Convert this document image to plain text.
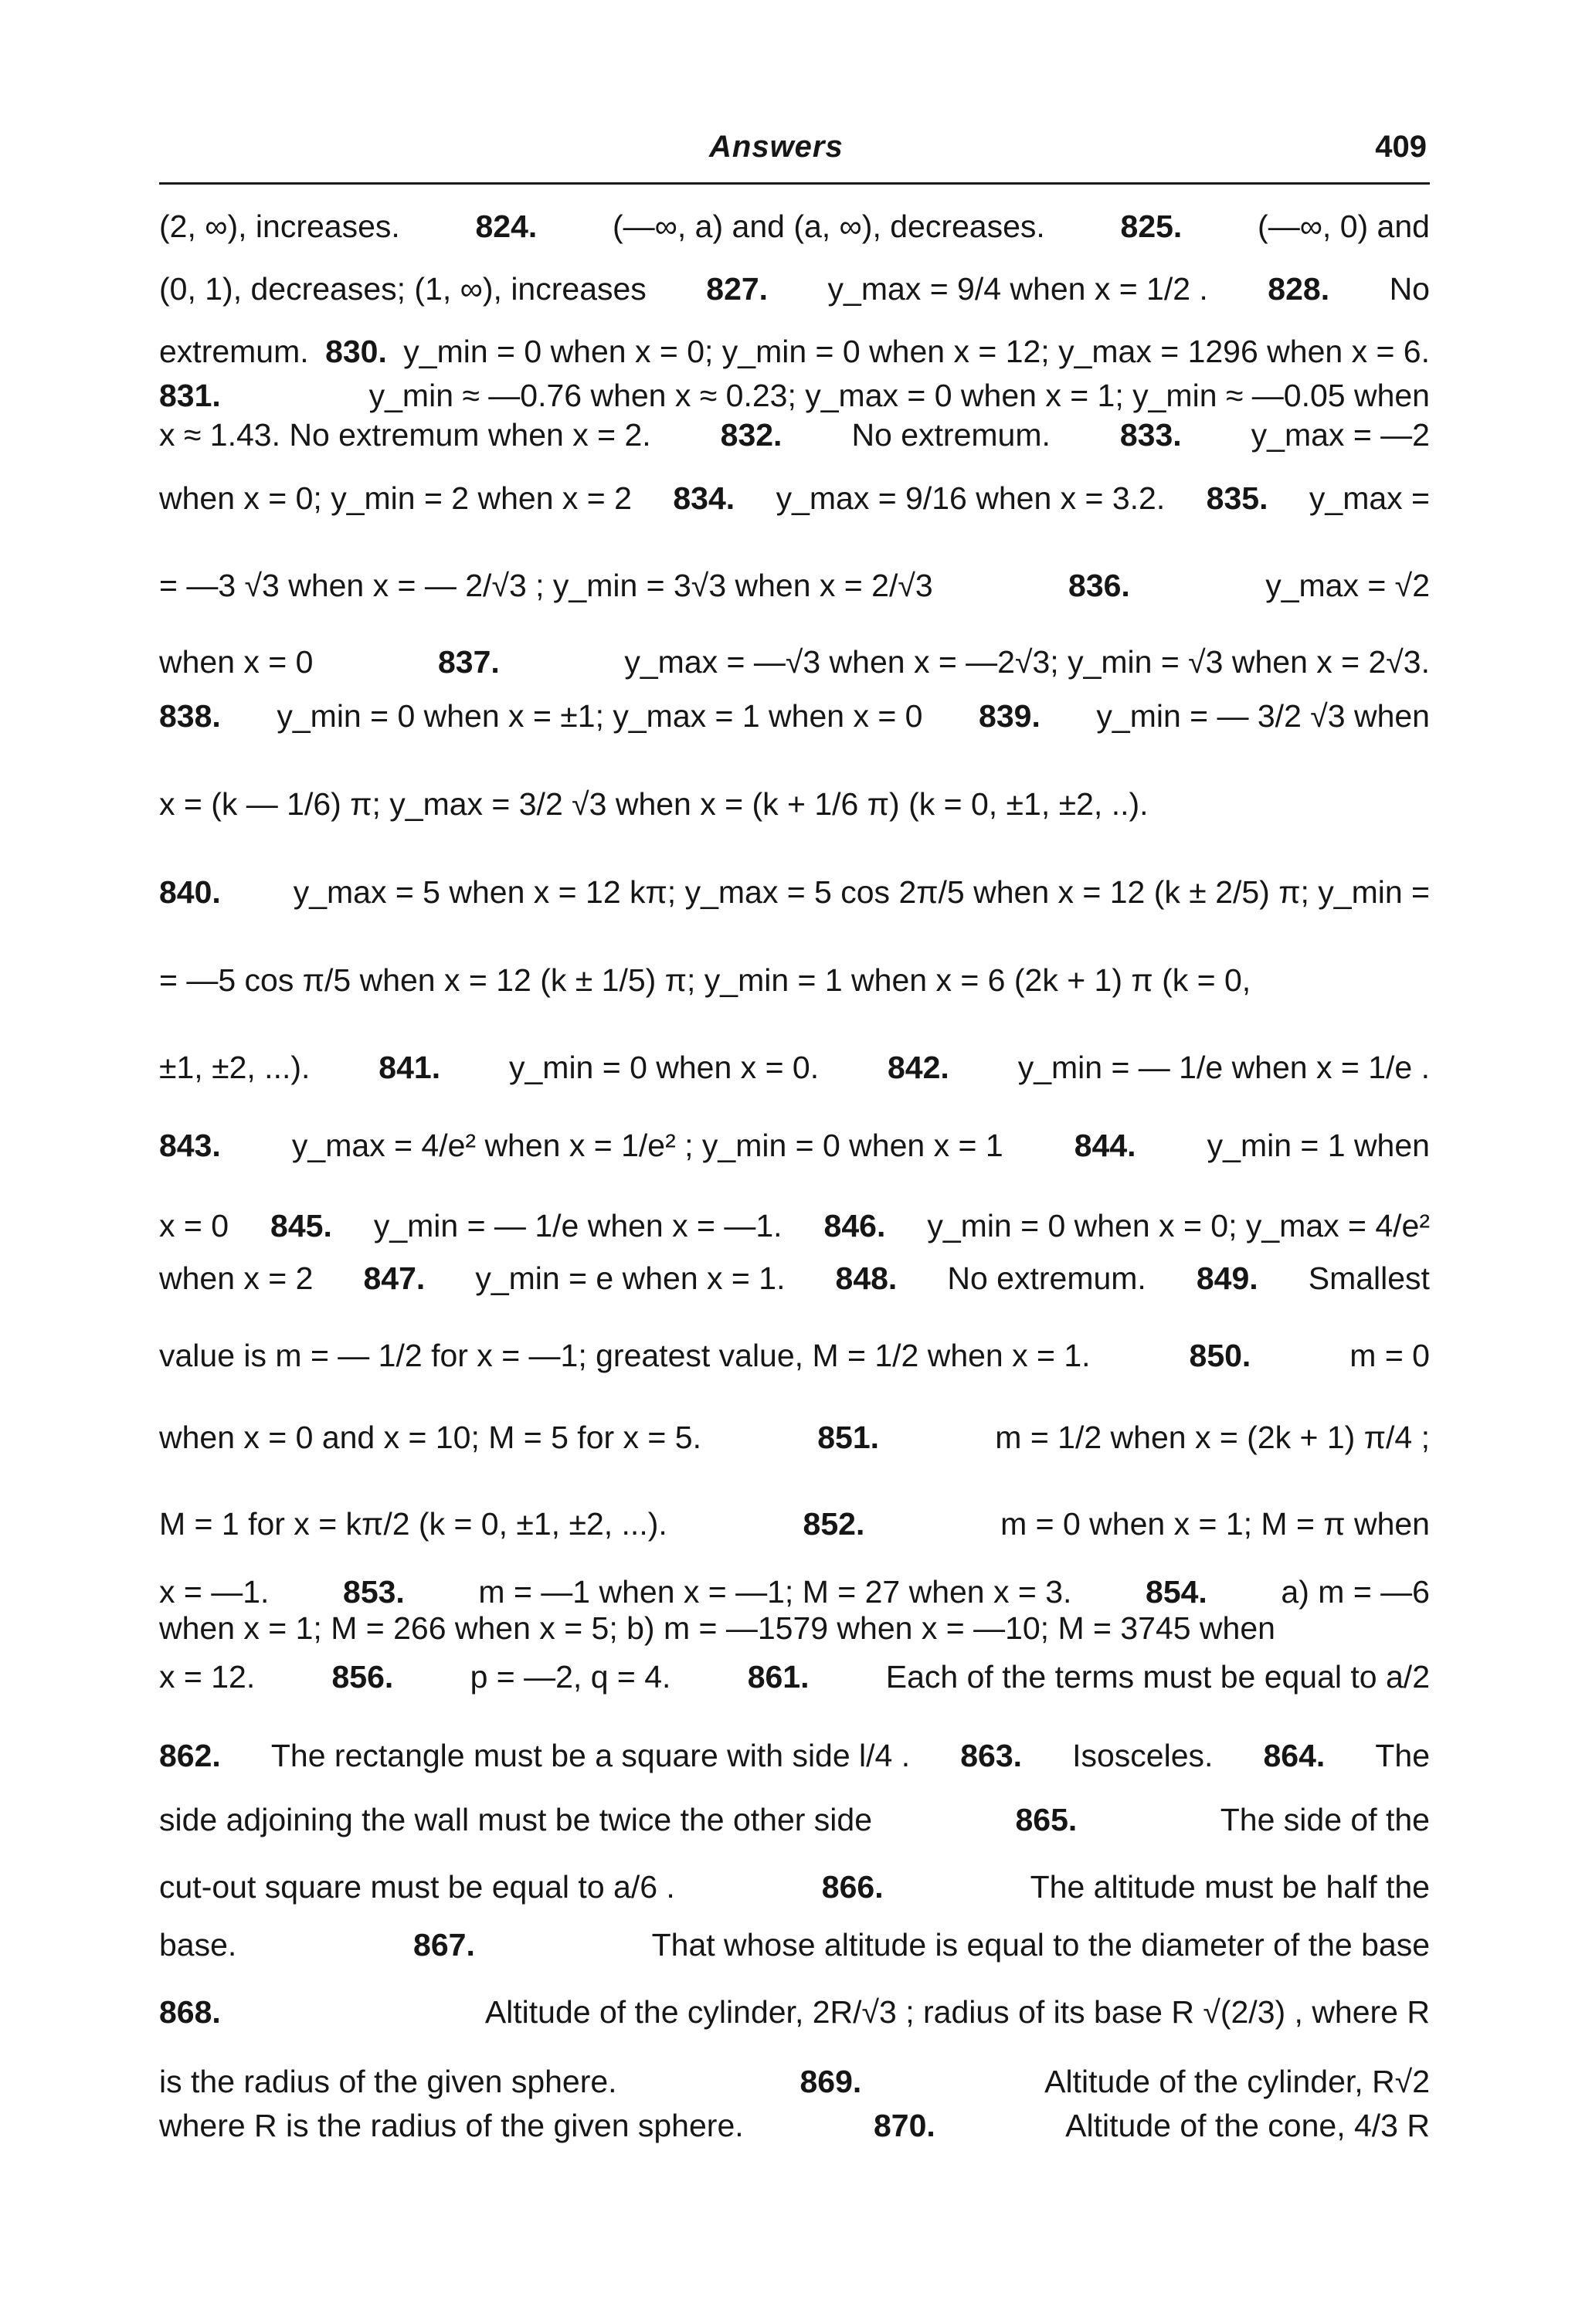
Answers	409
(2, ∞), increases. 824. (—∞, a) and (a, ∞), decreases. 825. (—∞, 0) and
(0, 1), decreases; (1, ∞), increases 827. y_max = 9/4 when x = 1/2 . 828. No
extremum. 830. y_min = 0 when x = 0; y_min = 0 when x = 12; y_max = 1296 when x = 6.
831.	y_min ≈ —0.76 when x ≈ 0.23; y_max = 0 when x = 1; y_min ≈ —0.05 when
x ≈ 1.43. No extremum when x = 2. 832. No extremum. 833. y_max = —2
when x = 0; y_min = 2 when x = 2 834. y_max = 9/16 when x = 3.2. 835. y_max =
= —3 √3 when x = — 2/√3 ; y_min = 3√3 when x = 2/√3	836.	y_max = √2
when x = 0	837.	y_max = —√3 when x = —2√3; y_min = √3 when x = 2√3.
838. y_min = 0 when x = ±1; y_max = 1 when x = 0 839. y_min = — 3/2 √3 when
x = (k — 1/6) π; y_max = 3/2 √3 when x = (k + 1/6 π) (k = 0, ±1, ±2, ..).
840. y_max = 5 when x = 12 kπ; y_max = 5 cos 2π/5 when x = 12 (k ± 2/5) π; y_min =
= —5 cos π/5 when x = 12 (k ± 1/5) π; y_min = 1 when x = 6 (2k + 1) π (k = 0,
±1, ±2, ...). 841. y_min = 0 when x = 0. 842. y_min = — 1/e when x = 1/e .
843. y_max = 4/e² when x = 1/e² ; y_min = 0 when x = 1 844. y_min = 1 when
x = 0 845. y_min = — 1/e when x = —1. 846. y_min = 0 when x = 0; y_max = 4/e²
when x = 2 847. y_min = e when x = 1. 848. No extremum. 849. Smallest
value is m = — 1/2 for x = —1; greatest value, M = 1/2 when x = 1.	850.	m = 0
when x = 0 and x = 10; M = 5 for x = 5.	851.	m = 1/2 when x = (2k + 1) π/4 ;
M = 1 for x = kπ/2 (k = 0, ±1, ±2, ...).	852.	m = 0 when x = 1; M = π when
x = —1. 853. m = —1 when x = —1; M = 27 when x = 3. 854. a) m = —6
when x = 1; M = 266 when x = 5; b) m = —1579 when x = —10; M = 3745 when
x = 12. 856. p = —2, q = 4. 861. Each of the terms must be equal to a/2
862. The rectangle must be a square with side l/4 . 863. Isosceles. 864. The
side adjoining the wall must be twice the other side	865.	The side of the
cut-out square must be equal to a/6 .	866.	The altitude must be half the
base.	867.	That whose altitude is equal to the diameter of the base
868.	Altitude of the cylinder, 2R/√3 ; radius of its base R √(2/3) , where R
is the radius of the given sphere.	869.	Altitude of the cylinder, R√2
where R is the radius of the given sphere.	870.	Altitude of the cone, 4/3 R
